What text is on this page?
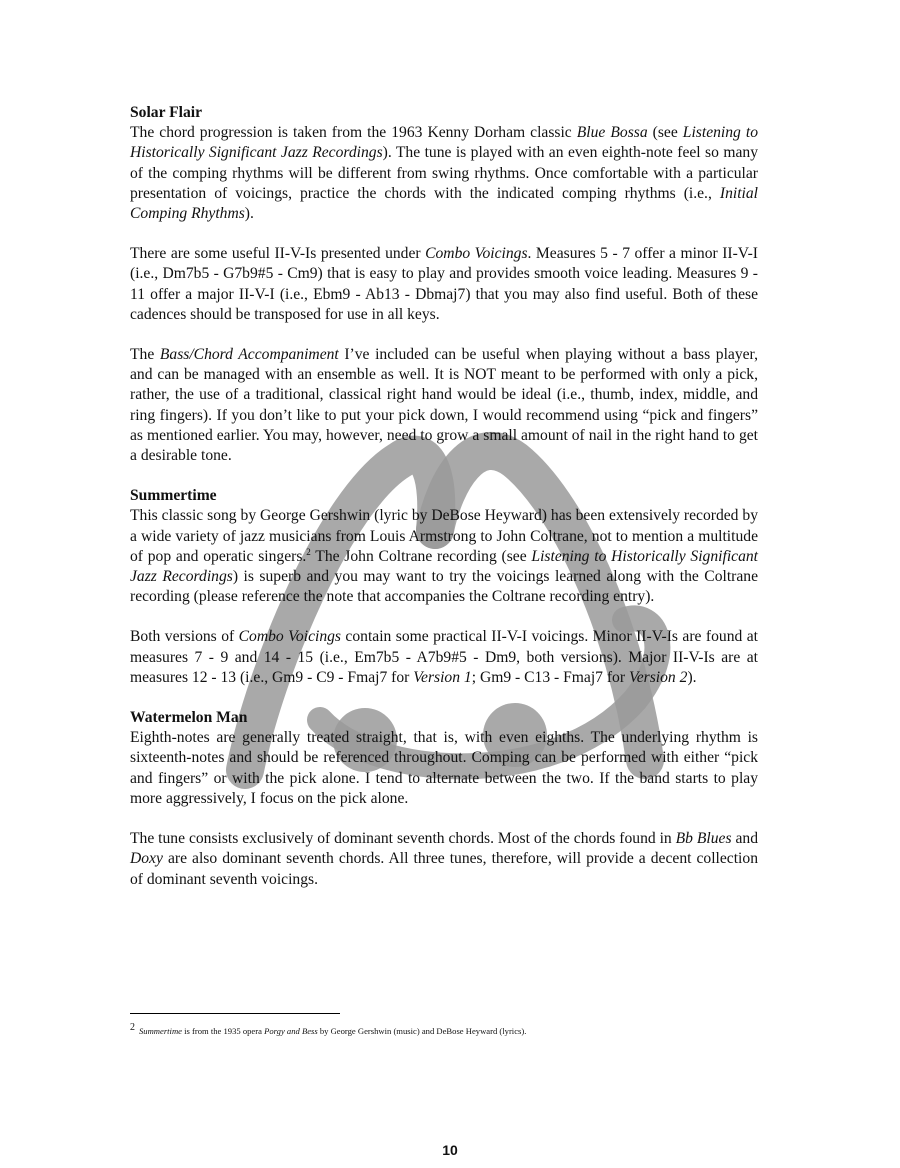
Solar Flair

The chord progression is taken from the 1963 Kenny Dorham classic Blue Bossa (see Listening to Historically Significant Jazz Recordings). The tune is played with an even eighth-note feel so many of the comping rhythms will be different from swing rhythms. Once comfortable with a particular presentation of voicings, practice the chords with the indicated comping rhythms (i.e., Initial Comping Rhythms).

There are some useful II-V-Is presented under Combo Voicings. Measures 5 - 7 offer a minor II-V-I (i.e., Dm7b5 - G7b9#5 - Cm9) that is easy to play and provides smooth voice leading. Measures 9 - 11 offer a major II-V-I (i.e., Ebm9 - Ab13 - Dbmaj7) that you may also find useful. Both of these cadences should be transposed for use in all keys.

The Bass/Chord Accompaniment I’ve included can be useful when playing without a bass player, and can be managed with an ensemble as well. It is NOT meant to be performed with only a pick, rather, the use of a traditional, classical right hand would be ideal (i.e., thumb, index, middle, and ring fingers). If you don’t like to put your pick down, I would recommend using “pick and fingers” as mentioned earlier. You may, however, need to grow a small amount of nail in the right hand to get a desirable tone.

Summertime

This classic song by George Gershwin (lyric by DeBose Heyward) has been extensively recorded by a wide variety of jazz musicians from Louis Armstrong to John Coltrane, not to mention a multitude of pop and operatic singers.$^2$ The John Coltrane recording (see Listening to Historically Significant Jazz Recordings) is superb and you may want to try the voicings learned along with the Coltrane recording (please reference the note that accompanies the Coltrane recording entry).

Both versions of Combo Voicings contain some practical II-V-I voicings. Minor II-V-Is are found at measures 7 - 9 and 14 - 15 (i.e., Em7b5 - A7b9#5 - Dm9, both versions). Major II-V-Is are at measures 12 - 13 (i.e., Gm9 - C9 - Fmaj7 for Version 1; Gm9 - C13 - Fmaj7 for Version 2).

Watermelon Man

Eighth-notes are generally treated straight, that is, with even eighths. The underlying rhythm is sixteenth-notes and should be referenced throughout. Comping can be performed with either “pick and fingers” or with the pick alone. I tend to alternate between the two. If the band starts to play more aggressively, I focus on the pick alone.

The tune consists exclusively of dominant seventh chords. Most of the chords found in Bb Blues and Doxy are also dominant seventh chords. All three tunes, therefore, will provide a decent collection of dominant seventh voicings.

2 Summertime is from the 1935 opera Porgy and Bess by George Gershwin (music) and DeBose Heyward (lyrics).
10
